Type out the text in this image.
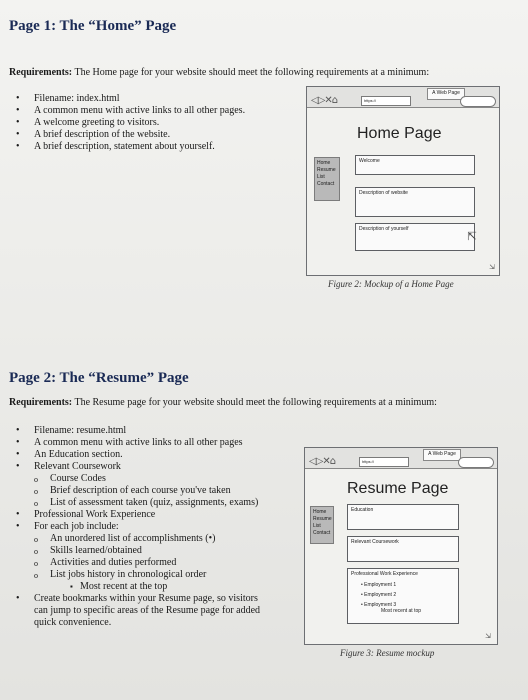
Page 1: The “Home” Page
Requirements: The Home page for your website should meet the following requirements at a minimum:
• Filename: index.html
• A common menu with active links to all other pages.
• A welcome greeting to visitors.
• A brief description of the website.
• A brief description, statement about yourself.
A Web Page
◁▷✕⌂	https://
Home Page
Home
Resume
List
Contact
Welcome
Description of website
Description of yourself	⇱
⇲
Figure 2: Mockup of a Home Page
Page 2: The “Resume” Page
Requirements: The Resume page for your website should meet the following requirements at a minimum:
• Filename: resume.html
• A common menu with active links to all other pages
• An Education section.
• Relevant Coursework
o Course Codes
o Brief description of each course you've taken
o List of assessment taken (quiz, assignments, exams)
• Professional Work Experience
• For each job include:
o An unordered list of accomplishments (•)
o Skills learned/obtained
o Activities and duties performed
o List jobs history in chronological order
▪ Most recent at the top
• Create bookmarks within your Resume page, so visitors can jump to specific areas of the Resume page for added quick convenience.
A Web Page
◁▷✕⌂	https://
Resume Page
Home
Resume
List
Contact
Education
Relevant Coursework
Professional Work Experience
• Employment 1
• Employment 2
• Employment 3
Most recent at top
⇲
Figure 3: Resume mockup
